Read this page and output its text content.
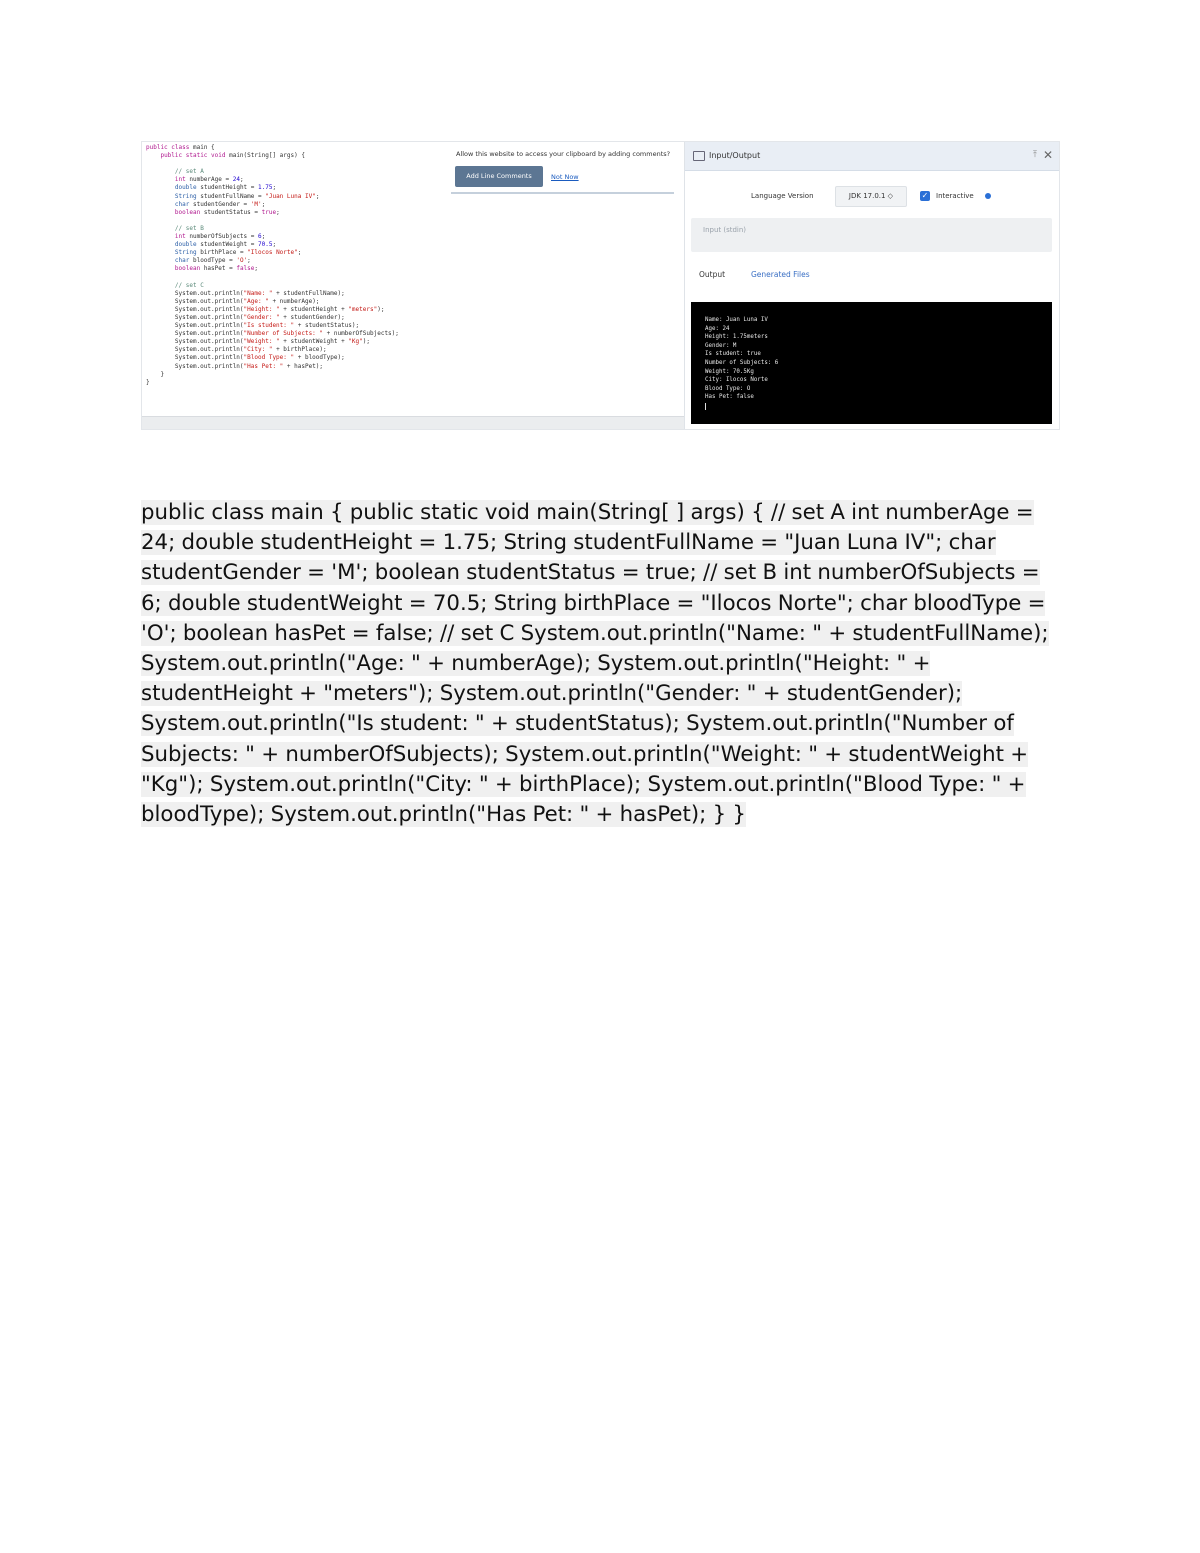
public class main {
public static void main(String[] args) {
// set A
int numberAge = 24;
double studentHeight = 1.75;
String studentFullName = "Juan Luna IV";
char studentGender = 'M';
boolean studentStatus = true;
// set B
int numberOfSubjects = 6;
double studentWeight = 70.5;
String birthPlace = "Ilocos Norte";
char bloodType = 'O';
boolean hasPet = false;
// set C
System.out.println("Name: " + studentFullName);
System.out.println("Age: " + numberAge);
System.out.println("Height: " + studentHeight + "meters");
System.out.println("Gender: " + studentGender);
System.out.println("Is student: " + studentStatus);
System.out.println("Number of Subjects: " + numberOfSubjects);
System.out.println("Weight: " + studentWeight + "Kg");
System.out.println("City: " + birthPlace);
System.out.println("Blood Type: " + bloodType);
System.out.println("Has Pet: " + hasPet);
}
}
Allow this website to access your clipboard by adding comments?
Add Line Comments	Not Now
Input/Output	⤒ ✕
Language Version	JDK 17.0.1 ◇	✓ Interactive
Input (stdin)
Output	Generated Files
Name: Juan Luna IV
Age: 24
Height: 1.75meters
Gender: M
Is student: true
Number of Subjects: 6
Weight: 70.5Kg
City: Ilocos Norte
Blood Type: O
Has Pet: false
public class main { public static void main(String[ ] args) { // set A int numberAge = 24; double studentHeight = 1.75; String studentFullName = "Juan Luna IV"; char studentGender = 'M'; boolean studentStatus = true; // set B int numberOfSubjects = 6; double studentWeight = 70.5; String birthPlace = "Ilocos Norte"; char bloodType = 'O'; boolean hasPet = false; // set C System.out.println("Name: " + studentFullName); System.out.println("Age: " + numberAge); System.out.println("Height: " + studentHeight + "meters"); System.out.println("Gender: " + studentGender); System.out.println("Is student: " + studentStatus); System.out.println("Number of Subjects: " + numberOfSubjects); System.out.println("Weight: " + studentWeight + "Kg"); System.out.println("City: " + birthPlace); System.out.println("Blood Type: " + bloodType); System.out.println("Has Pet: " + hasPet); } }
